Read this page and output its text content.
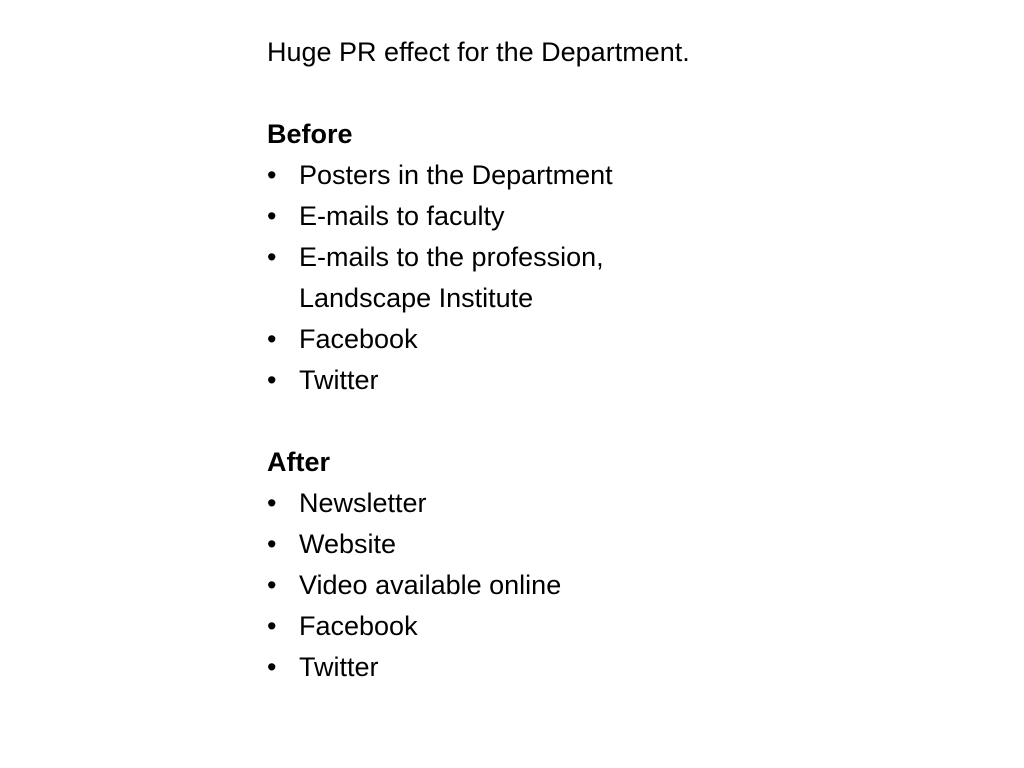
Huge PR effect for the Department.
Before
• Posters in the Department
• E-mails to faculty
• E-mails to the profession,
Landscape Institute
• Facebook
• Twitter
After
• Newsletter
• Website
• Video available online
• Facebook
• Twitter
